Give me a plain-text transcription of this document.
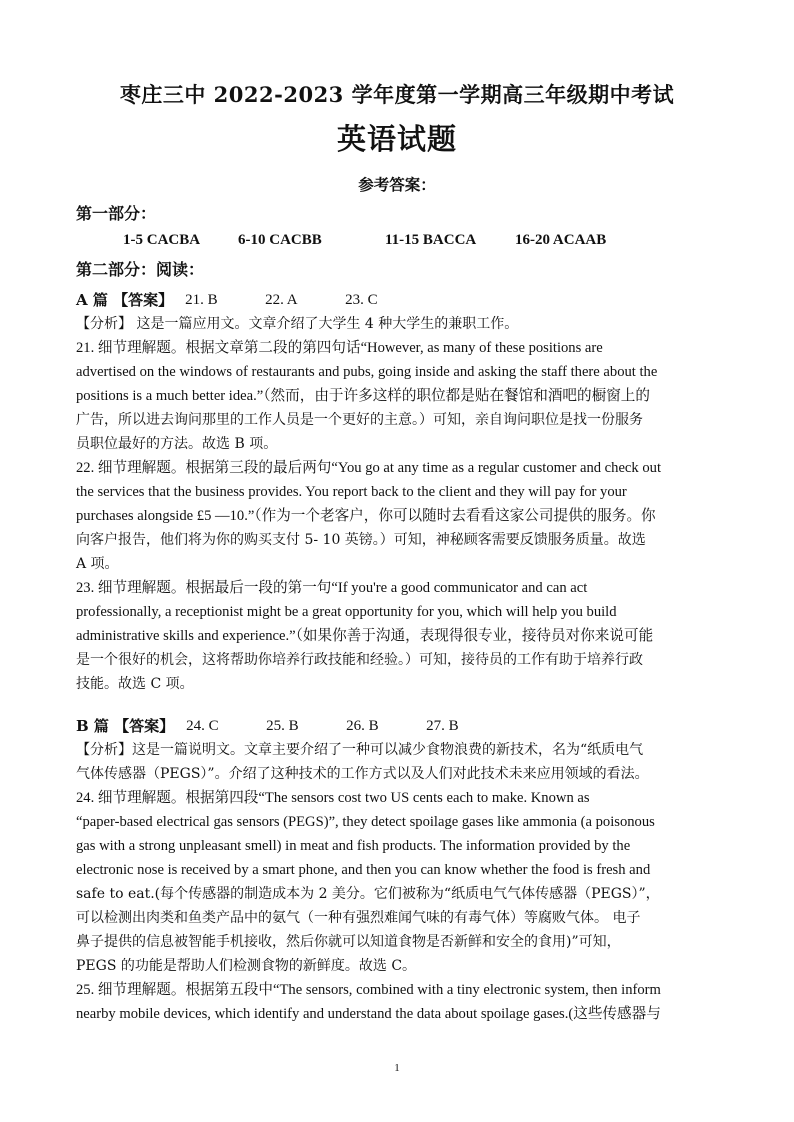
枣庄三中 2022-2023 学年度第一学期高三年级期中考试
英语试题
参考答案：
第一部分：
1-5 CACBA	6-10 CACBB	11-15 BACCA	16-20 ACAAB
第二部分：阅读：
A 篇 【答案】 21. B	22. A	23. C

【分析】 这是一篇应用文。文章介绍了大学生 4 种大学生的兼职工作。

21. 细节理解题。根据文章第二段的第四句话“However, as many of these positions are

advertised on the windows of restaurants and pubs, going inside and asking the staff there about the

positions is a much better idea.”（然而，由于许多这样的职位都是贴在餐馆和酒吧的橱窗上的

广告，所以进去询问那里的工作人员是一个更好的主意。）可知，亲自询问职位是找一份服务

员职位最好的方法。故选 B 项。

22. 细节理解题。根据第三段的最后两句“You go at any time as a regular customer and check out

the services that the business provides. You report back to the client and they will pay for your

purchases alongside £5 —10.”（作为一个老客户，你可以随时去看看这家公司提供的服务。你

向客户报告，他们将为你的购买支付 5- 10 英镑。）可知，神秘顾客需要反馈服务质量。故选

A 项。

23. 细节理解题。根据最后一段的第一句“If you're a good communicator and can act

professionally, a receptionist might be a great opportunity for you, which will help you build

administrative skills and experience.”（如果你善于沟通，表现得很专业，接待员对你来说可能

是一个很好的机会，这将帮助你培养行政技能和经验。）可知，接待员的工作有助于培养行政

技能。故选 C 项。

B 篇 【答案】 24. C	25. B	26. B	27. B

【分析】这是一篇说明文。文章主要介绍了一种可以减少食物浪费的新技术，名为“纸质电气

气体传感器（PEGS）”。介绍了这种技术的工作方式以及人们对此技术未来应用领域的看法。

24. 细节理解题。根据第四段“The sensors cost two US cents each to make. Known as

“paper-based electrical gas sensors (PEGS)”, they detect spoilage gases like ammonia (a poisonous

gas with a strong unpleasant smell) in meat and fish products. The information provided by the

electronic nose is received by a smart phone, and then you can know whether the food is fresh and

safe to eat.(每个传感器的制造成本为 2 美分。它们被称为“纸质电气气体传感器（PEGS）”，

可以检测出肉类和鱼类产品中的氨气（一种有强烈难闻气味的有毒气体）等腐败气体。 电子

鼻子提供的信息被智能手机接收，然后你就可以知道食物是否新鲜和安全的食用)”可知，

PEGS 的功能是帮助人们检测食物的新鲜度。故选 C。

25. 细节理解题。根据第五段中“The sensors, combined with a tiny electronic system, then inform

nearby mobile devices, which identify and understand the data about spoilage gases.(这些传感器与

1
